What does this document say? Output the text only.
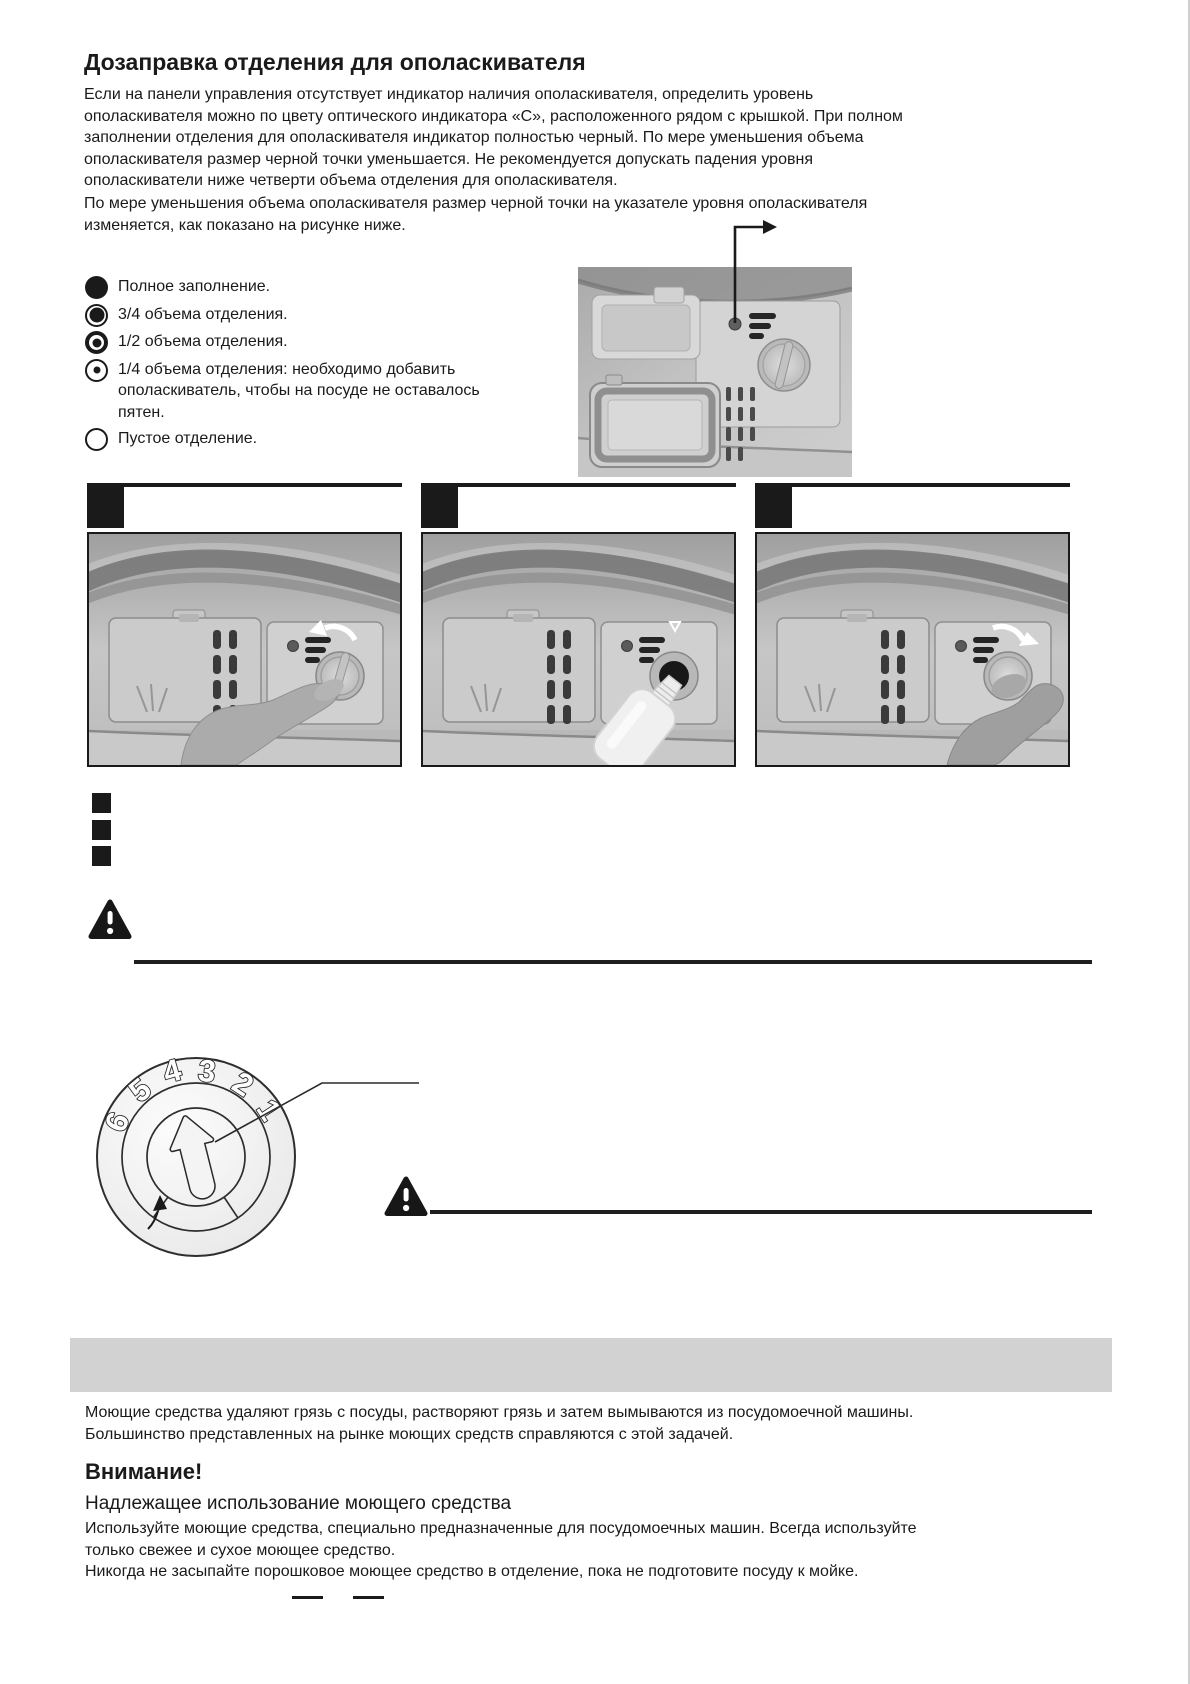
Дозаправка отделения для ополаскивателя
Если на панели управления отсутствует индикатор наличия ополаскивателя, определить уровень
ополаскивателя можно по цвету оптического индикатора «С», расположенного рядом с крышкой. При полном
заполнении отделения для ополаскивателя индикатор полностью черный. По мере уменьшения объема
ополаскивателя размер черной точки уменьшается. Не рекомендуется допускать падения уровня
ополаскиватели ниже четверти объема отделения для ополаскивателя.
По мере уменьшения объема ополаскивателя размер черной точки на указателе уровня ополаскивателя
изменяется, как показано на рисунке ниже.
Полное заполнение.
3/4 объема отделения.
1/2 объема отделения.
1/4 объема отделения: необходимо добавить
ополаскиватель, чтобы на посуде не оставалось
пятен.
Пустое отделение.
6
5 4 3 2
1
Моющие средства удаляют грязь с посуды, растворяют грязь и затем вымываются из посудомоечной машины.
Большинство представленных на рынке моющих средств справляются с этой задачей.
Внимание!
Надлежащее использование моющего средства
Используйте моющие средства, специально предназначенные для посудомоечных машин. Всегда используйте
только свежее и сухое моющее средство.
Никогда не засыпайте порошковое моющее средство в отделение, пока не подготовите посуду к мойке.
